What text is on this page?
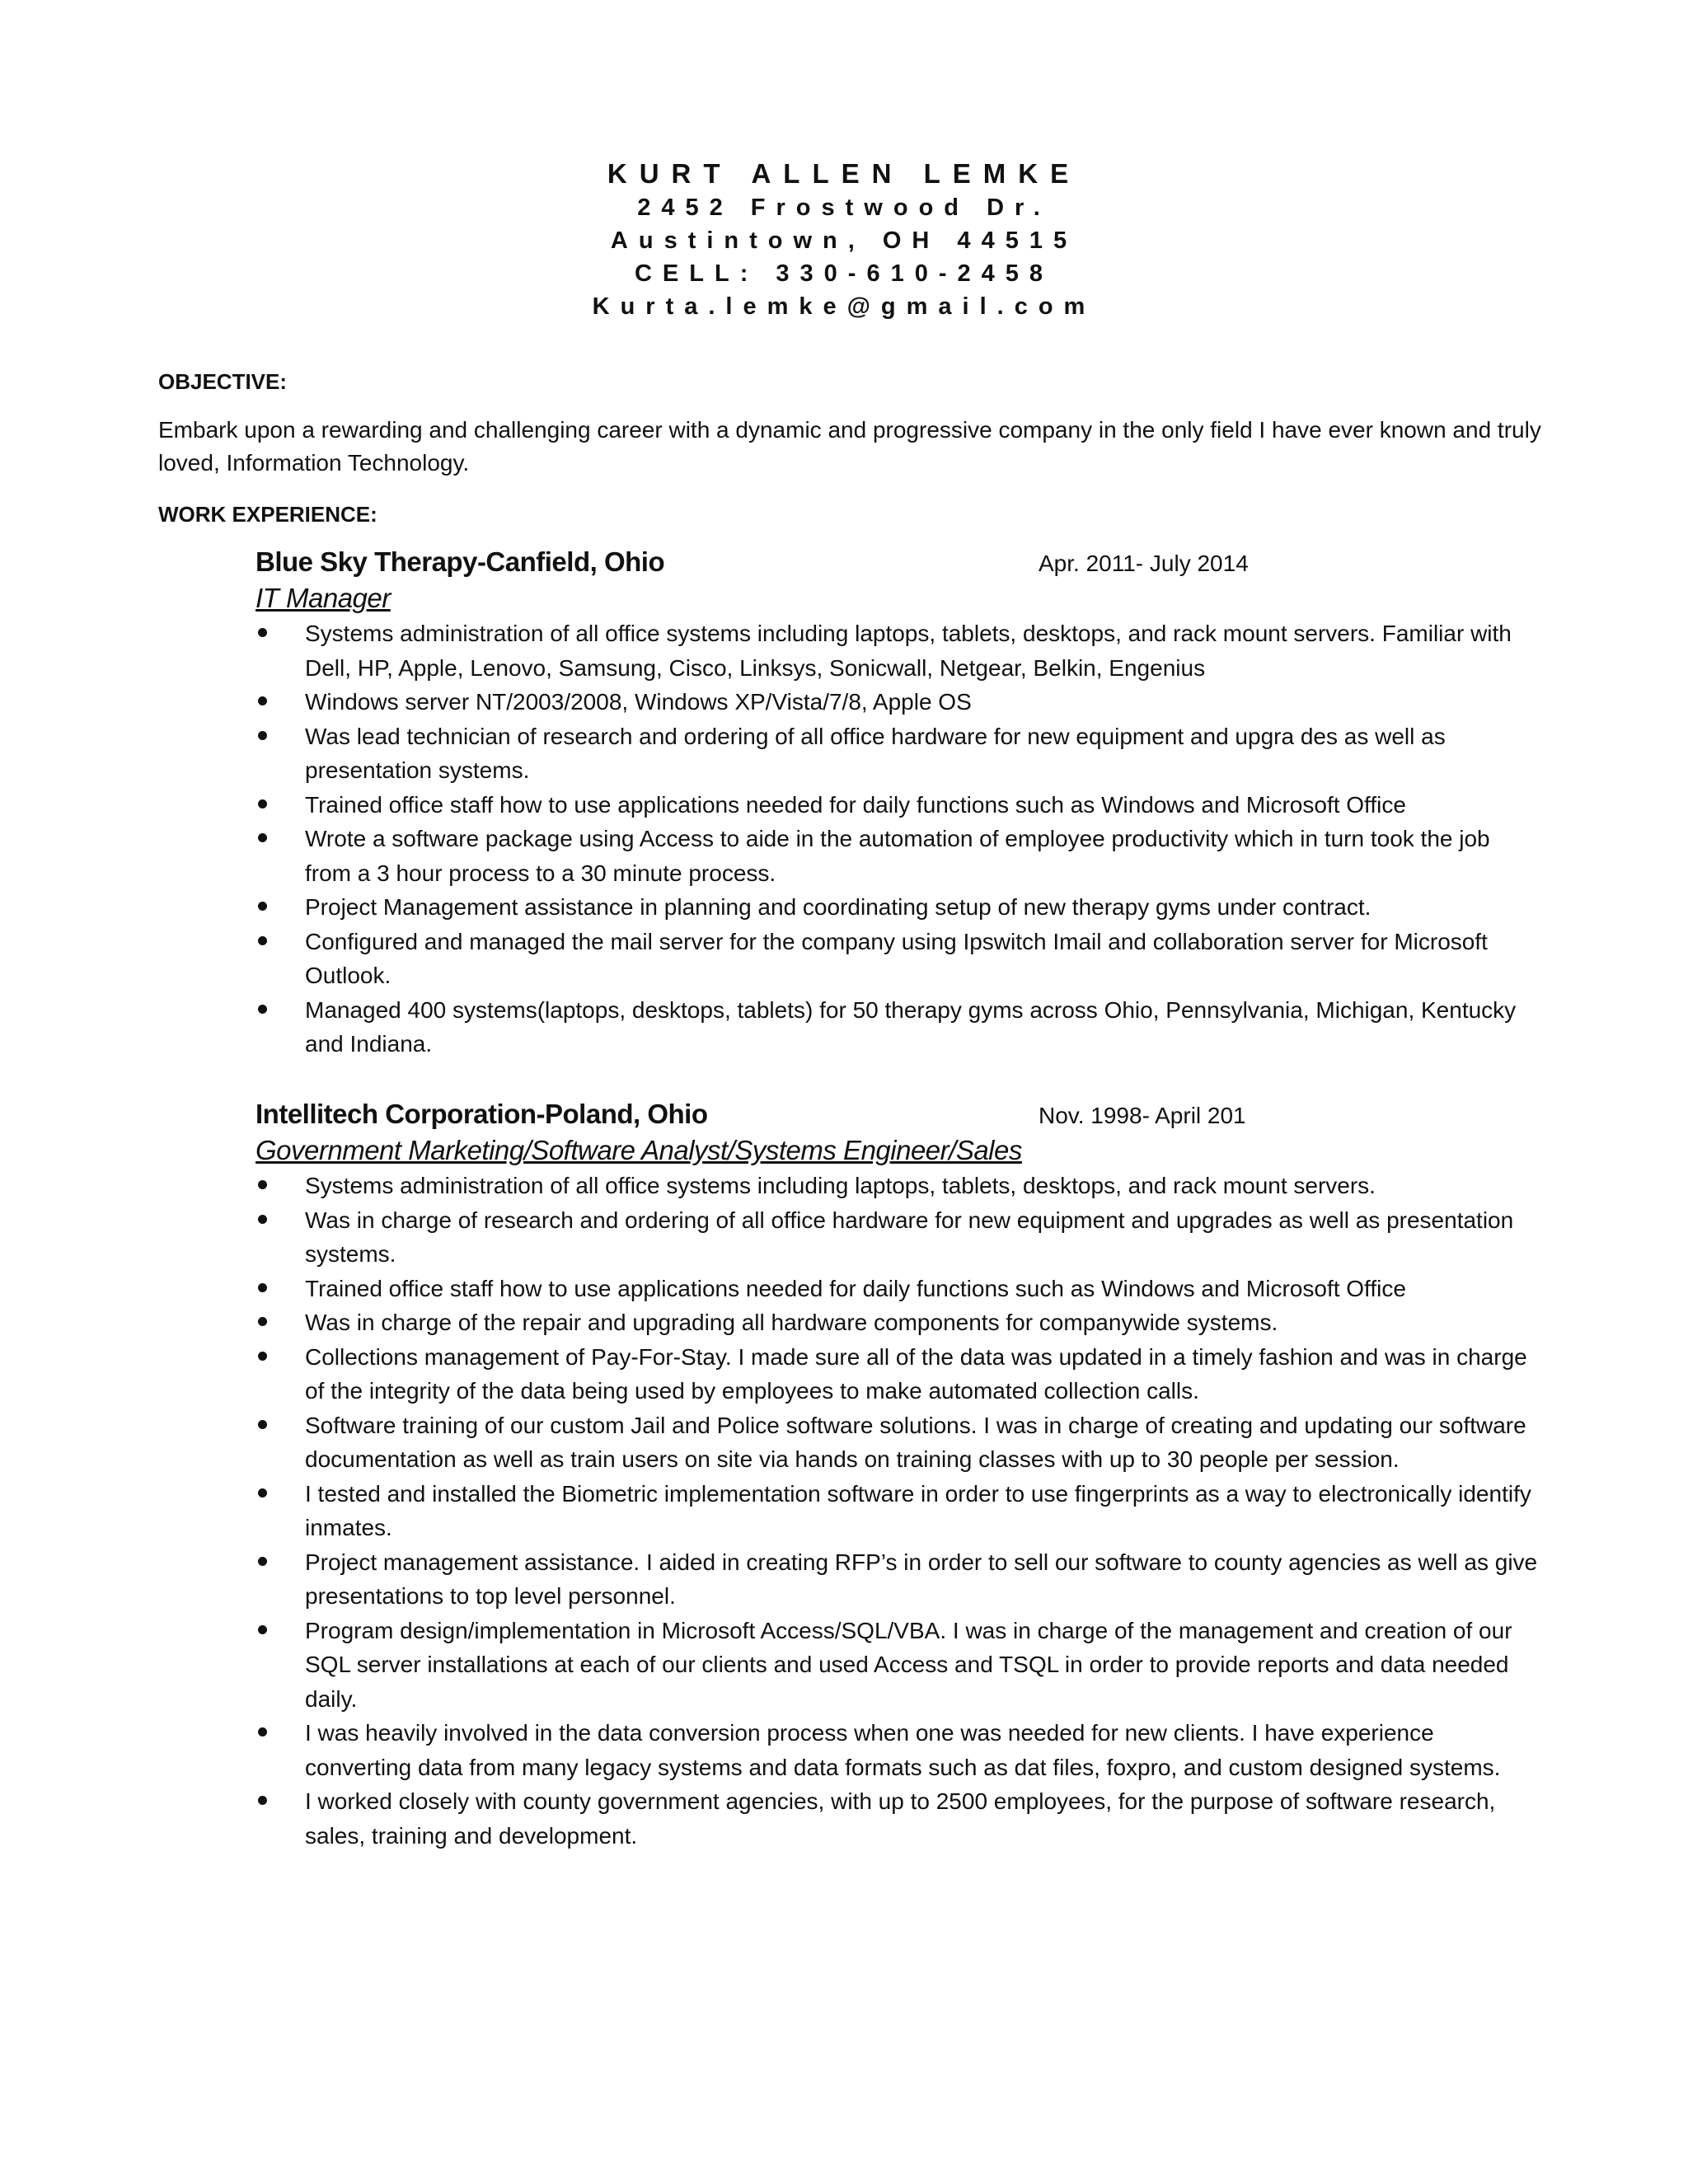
KURT ALLEN LEMKE
2452 Frostwood Dr.
Austintown, OH 44515
CELL: 330-610-2458
Kurta.lemke@gmail.com
OBJECTIVE:
Embark upon a rewarding and challenging career with a dynamic and progressive company in the only field I have ever known and truly loved, Information Technology.
WORK EXPERIENCE:
Blue Sky Therapy-Canfield, Ohio	Apr. 2011- July 2014
IT Manager
Systems administration of all office systems including laptops, tablets, desktops, and rack mount servers. Familiar with Dell, HP, Apple, Lenovo, Samsung, Cisco, Linksys, Sonicwall, Netgear, Belkin, Engenius
Windows server NT/2003/2008, Windows XP/Vista/7/8, Apple OS
Was lead technician of research and ordering of all office hardware for new equipment and upgra des as well as presentation systems.
Trained office staff how to use applications needed for daily functions such as Windows and Microsoft Office
Wrote a software package using Access to aide in the automation of employee productivity which in turn took the job from a 3 hour process to a 30 minute process.
Project Management assistance in planning and coordinating setup of new therapy gyms under contract.
Configured and managed the mail server for the company using Ipswitch Imail and collaboration server for Microsoft Outlook.
Managed 400 systems(laptops, desktops, tablets) for 50 therapy gyms across Ohio, Pennsylvania, Michigan, Kentucky and Indiana.
Intellitech Corporation-Poland, Ohio	Nov. 1998- April 201
Government Marketing/Software Analyst/Systems Engineer/Sales
Systems administration of all office systems including laptops, tablets, desktops, and rack mount servers.
Was in charge of research and ordering of all office hardware for new equipment and upgrades as well as presentation systems.
Trained office staff how to use applications needed for daily functions such as Windows and Microsoft Office
Was in charge of the repair and upgrading all hardware components for companywide systems.
Collections management of Pay-For-Stay. I made sure all of the data was updated in a timely fashion and was in charge of the integrity of the data being used by employees to make automated collection calls.
Software training of our custom Jail and Police software solutions. I was in charge of creating and updating our software documentation as well as train users on site via hands on training classes with up to 30 people per session.
I tested and installed the Biometric implementation software in order to use fingerprints as a way to electronically identify inmates.
Project management assistance. I aided in creating RFP’s in order to sell our software to county agencies as well as give presentations to top level personnel.
Program design/implementation in Microsoft Access/SQL/VBA. I was in charge of the management and creation of our SQL server installations at each of our clients and used Access and TSQL in order to provide reports and data needed daily.
I was heavily involved in the data conversion process when one was needed for new clients. I have experience converting data from many legacy systems and data formats such as dat files, foxpro, and custom designed systems.
I worked closely with county government agencies, with up to 2500 employees, for the purpose of software research, sales, training and development.
